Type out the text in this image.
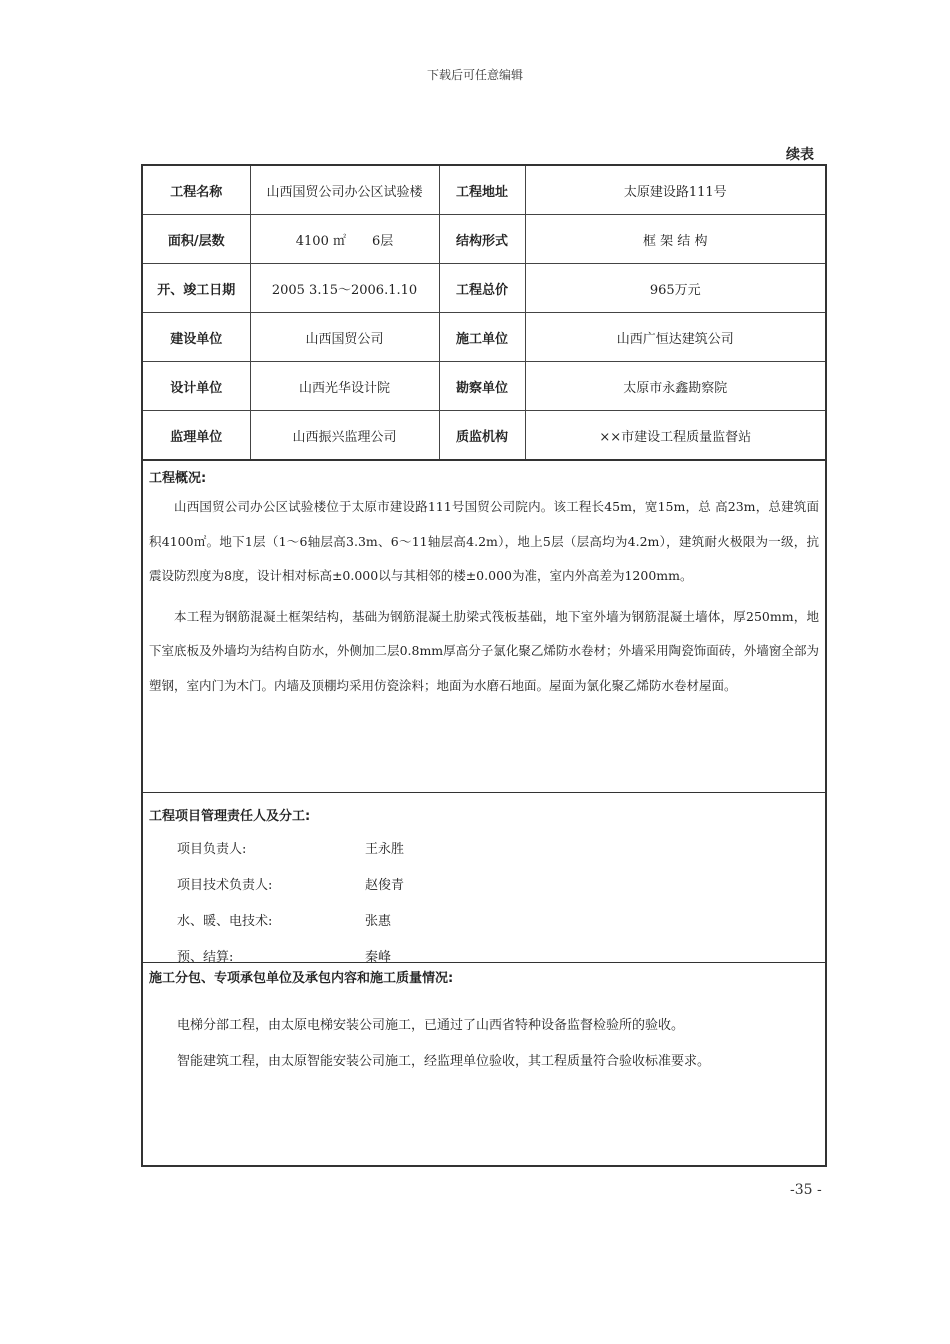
下载后可任意编辑
续表
工程名称	山西国贸公司办公区试验楼	工程地址	太原建设路111号
面积/层数	4100 ㎡　　6层	结构形式	框 架 结 构
开、竣工日期	2005 3.15～2006.1.10	工程总价	965万元
建设单位	山西国贸公司	施工单位	山西广恒达建筑公司
设计单位	山西光华设计院	勘察单位	太原市永鑫勘察院
监理单位	山西振兴监理公司	质监机构	××市建设工程质量监督站

工程概况:

山西国贸公司办公区试验楼位于太原市建设路111号国贸公司院内。该工程长45m，宽15m，总 高23m，总建筑面积4100㎡。地下1层（1～6轴层高3.3m、6～11轴层高4.2m），地上5层（层高均为4.2m），建筑耐火极限为一级，抗震设防烈度为8度，设计相对标高±0.000以与其相邻的楼±0.000为准，室内外高差为1200mm。

本工程为钢筋混凝土框架结构，基础为钢筋混凝土肋梁式筏板基础，地下室外墙为钢筋混凝土墙体，厚250mm，地下室底板及外墙均为结构自防水，外侧加二层0.8mm厚高分子氯化聚乙烯防水卷材；外墙采用陶瓷饰面砖，外墙窗全部为塑钢，室内门为木门。内墙及顶棚均采用仿瓷涂料；地面为水磨石地面。屋面为氯化聚乙烯防水卷材屋面。

工程项目管理责任人及分工:

项目负责人:	王永胜
项目技术负责人:	赵俊青
水、暖、电技术:	张惠
预、结算:	秦峰

施工分包、专项承包单位及承包内容和施工质量情况:

电梯分部工程，由太原电梯安装公司施工，已通过了山西省特种设备监督检验所的验收。
智能建筑工程，由太原智能安装公司施工，经监理单位验收，其工程质量符合验收标准要求。
-35 -
